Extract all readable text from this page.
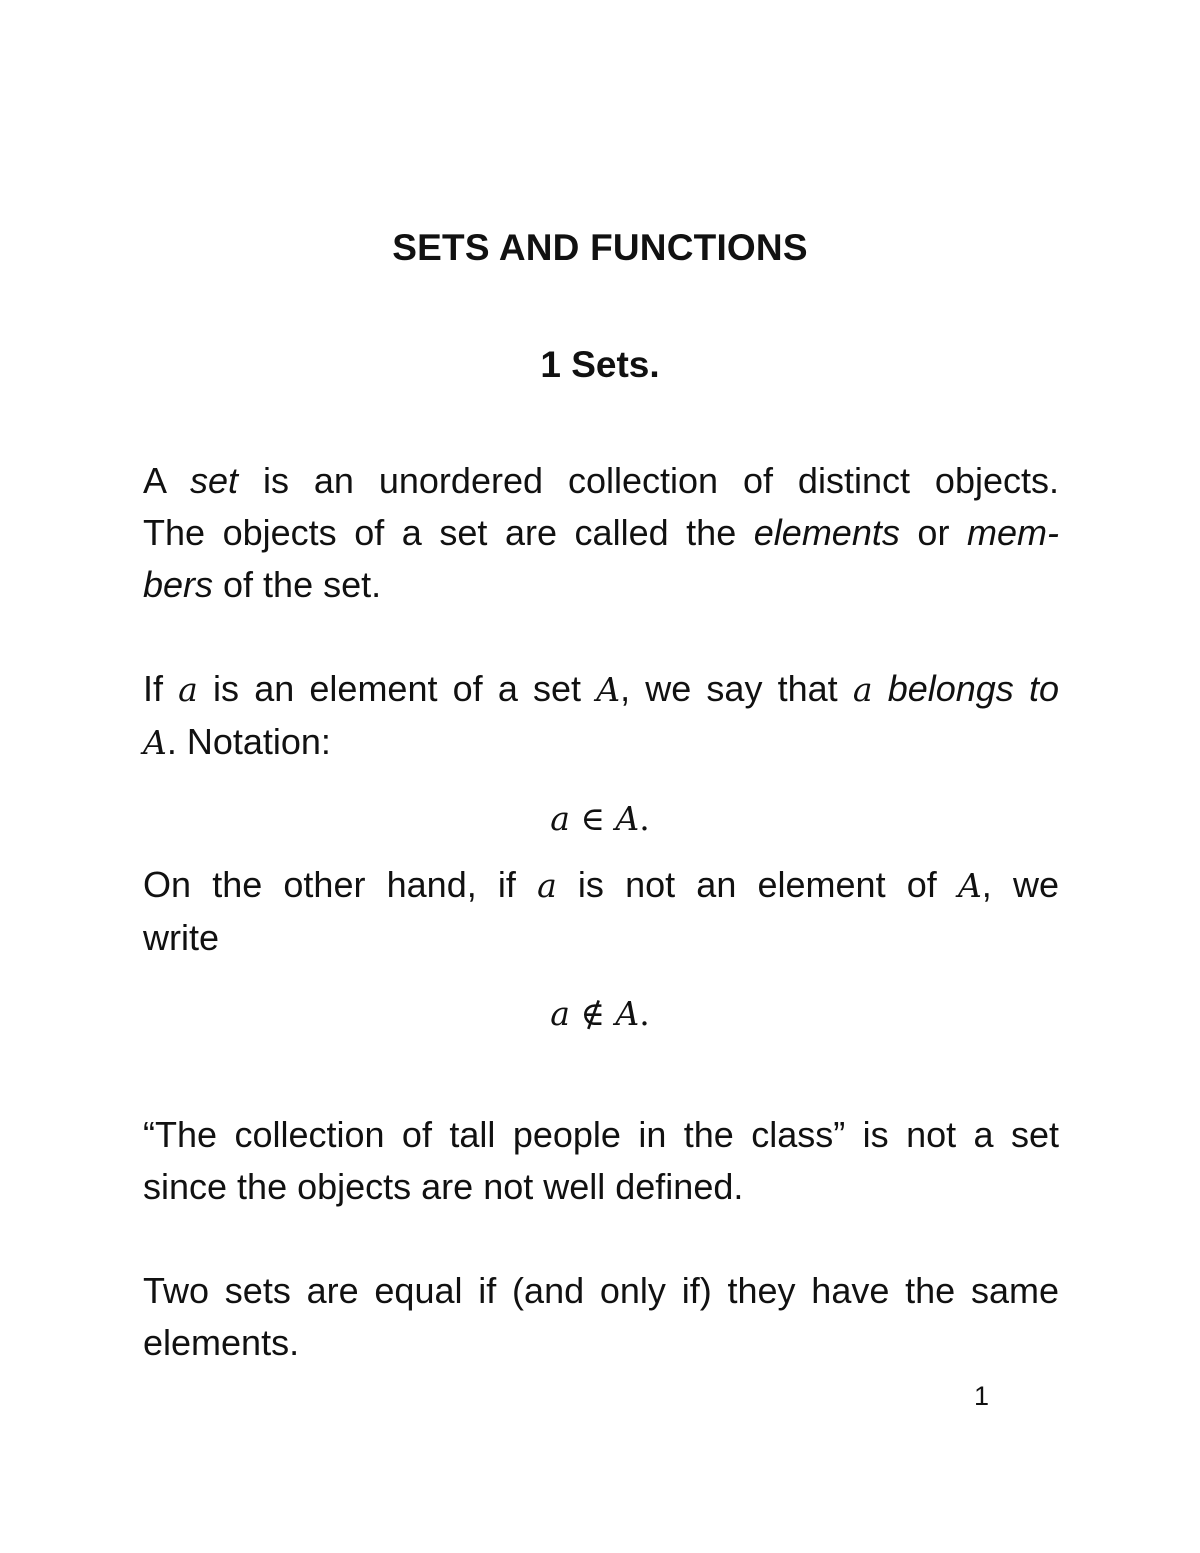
SETS AND FUNCTIONS
1 Sets.
A set is an unordered collection of distinct objects.
The objects of a set are called the elements or mem-
bers of the set.
If a is an element of a set A, we say that a belongs to
A. Notation:
a ∈ A.
On the other hand, if a is not an element of A, we
write
a ∉ A.
“The collection of tall people in the class” is not a set
since the objects are not well defined.
Two sets are equal if (and only if) they have the same
elements.
1
